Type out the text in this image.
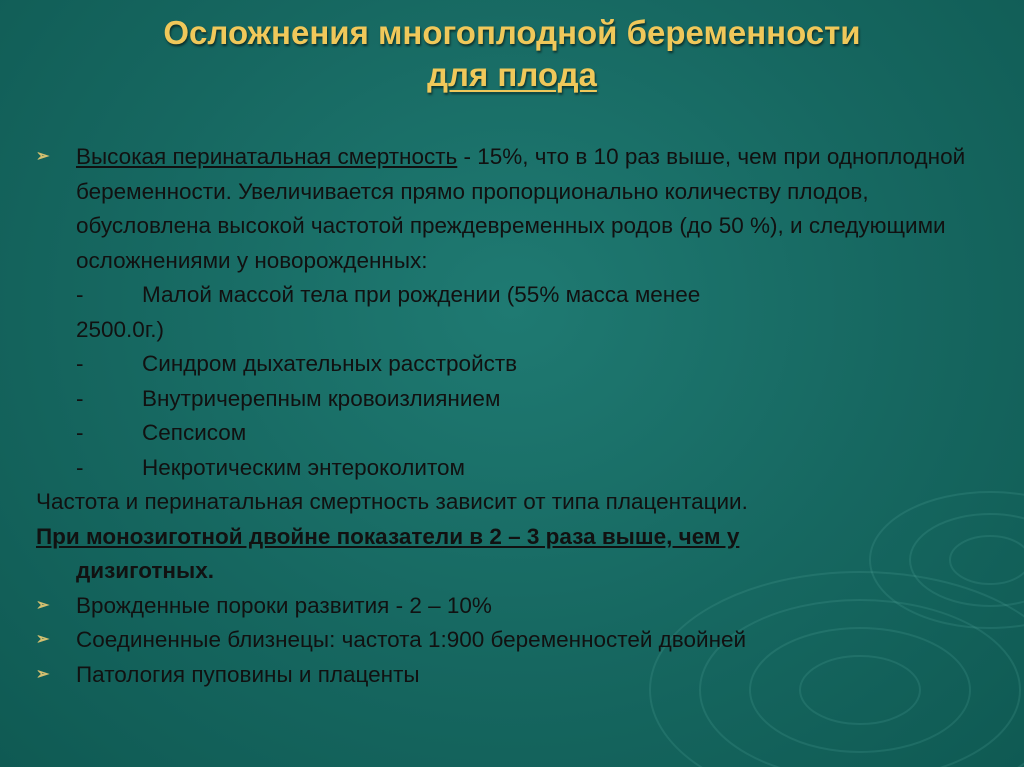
Осложнения многоплодной беременности
для плода
➢ Высокая перинатальная смертность - 15%, что в 10 раз выше, чем при одноплодной беременности. Увеличивается прямо пропорционально количеству плодов, обусловлена высокой частотой преждевременных родов (до 50 %), и следующими осложнениями у новорожденных:
-	Малой массой тела при рождении (55% масса менее
2500.0г.)
-	Синдром дыхательных расстройств
-	Внутричерепным кровоизлиянием
-	Сепсисом
-	Некротическим энтероколитом
Частота и перинатальная смертность зависит от типа плацентации.
При монозиготной двойне показатели в 2 – 3 раза выше, чем у
дизиготных.
➢ Врожденные пороки развития - 2 – 10%
➢ Соединенные близнецы: частота 1:900 беременностей двойней
➢ Патология пуповины и плаценты
